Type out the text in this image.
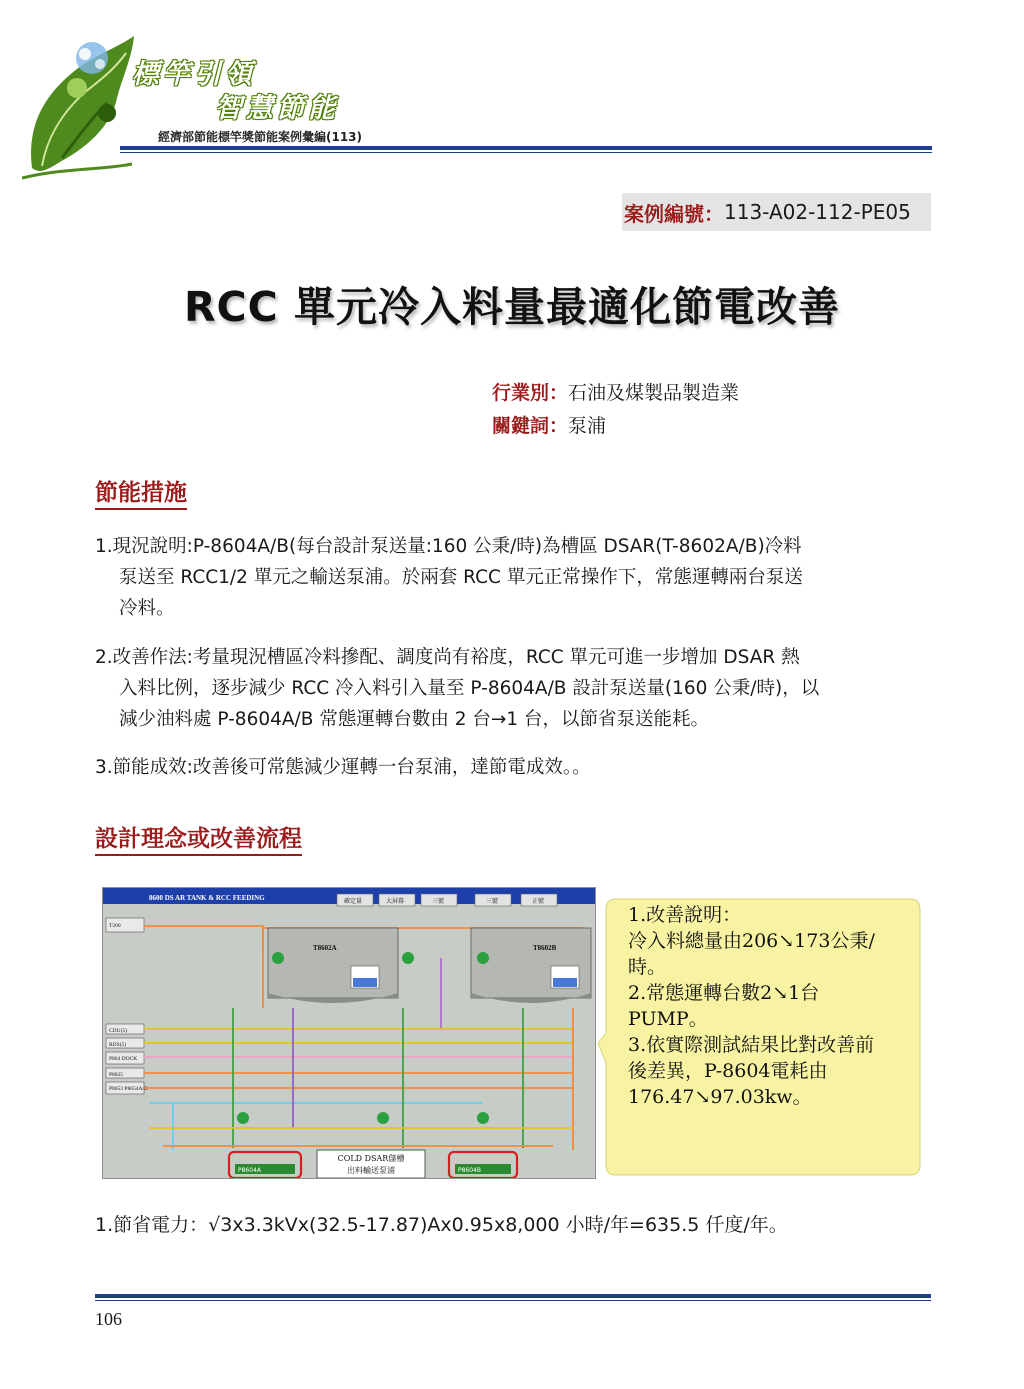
標竿引領
智慧節能
經濟部節能標竿獎節能案例彙編(113)
案例編號： 113-A02-112-PE05
RCC 單元冷入料量最適化節電改善
行業別：石油及煤製品製造業
關鍵詞：泵浦
節能措施
1.現況說明:P-8604A/B(每台設計泵送量:160 公秉/時)為槽區 DSAR(T-8602A/B)冷料
泵送至 RCC1/2 單元之輸送泵浦。於兩套 RCC 單元正常操作下，常態運轉兩台泵送
冷料。
2.改善作法:考量現況槽區冷料摻配、調度尚有裕度，RCC 單元可進一步增加 DSAR 熱
入料比例，逐步減少 RCC 冷入料引入量至 P-8604A/B 設計泵送量(160 公秉/時)，以
減少油料處 P-8604A/B 常態運轉台數由 2 台→1 台，以節省泵送能耗。
3.節能成效:改善後可常態減少運轉一台泵浦，達節電成效。。
設計理念或改善流程
8600 DS AR TANK & RCC FEEDING	確定量	大屏幕	三號	三號	正號
T200
CDU(5)
RDS(5)
P864 DOCK
P8625
P8653 P8654A/B
T8602A	T8602B
COLD DSAR儲槽
出料輸送泵浦
P8604A	P8604B
1.改善說明：
冷入料總量由206↘173公秉/
時。
2.常態運轉台數2↘1台
PUMP。
3.依實際測試結果比對改善前
後差異，P-8604電耗由
176.47↘97.03kw。
1.節省電力：√3x3.3kVx(32.5-17.87)Ax0.95x8,000 小時/年=635.5 仟度/年。
106
